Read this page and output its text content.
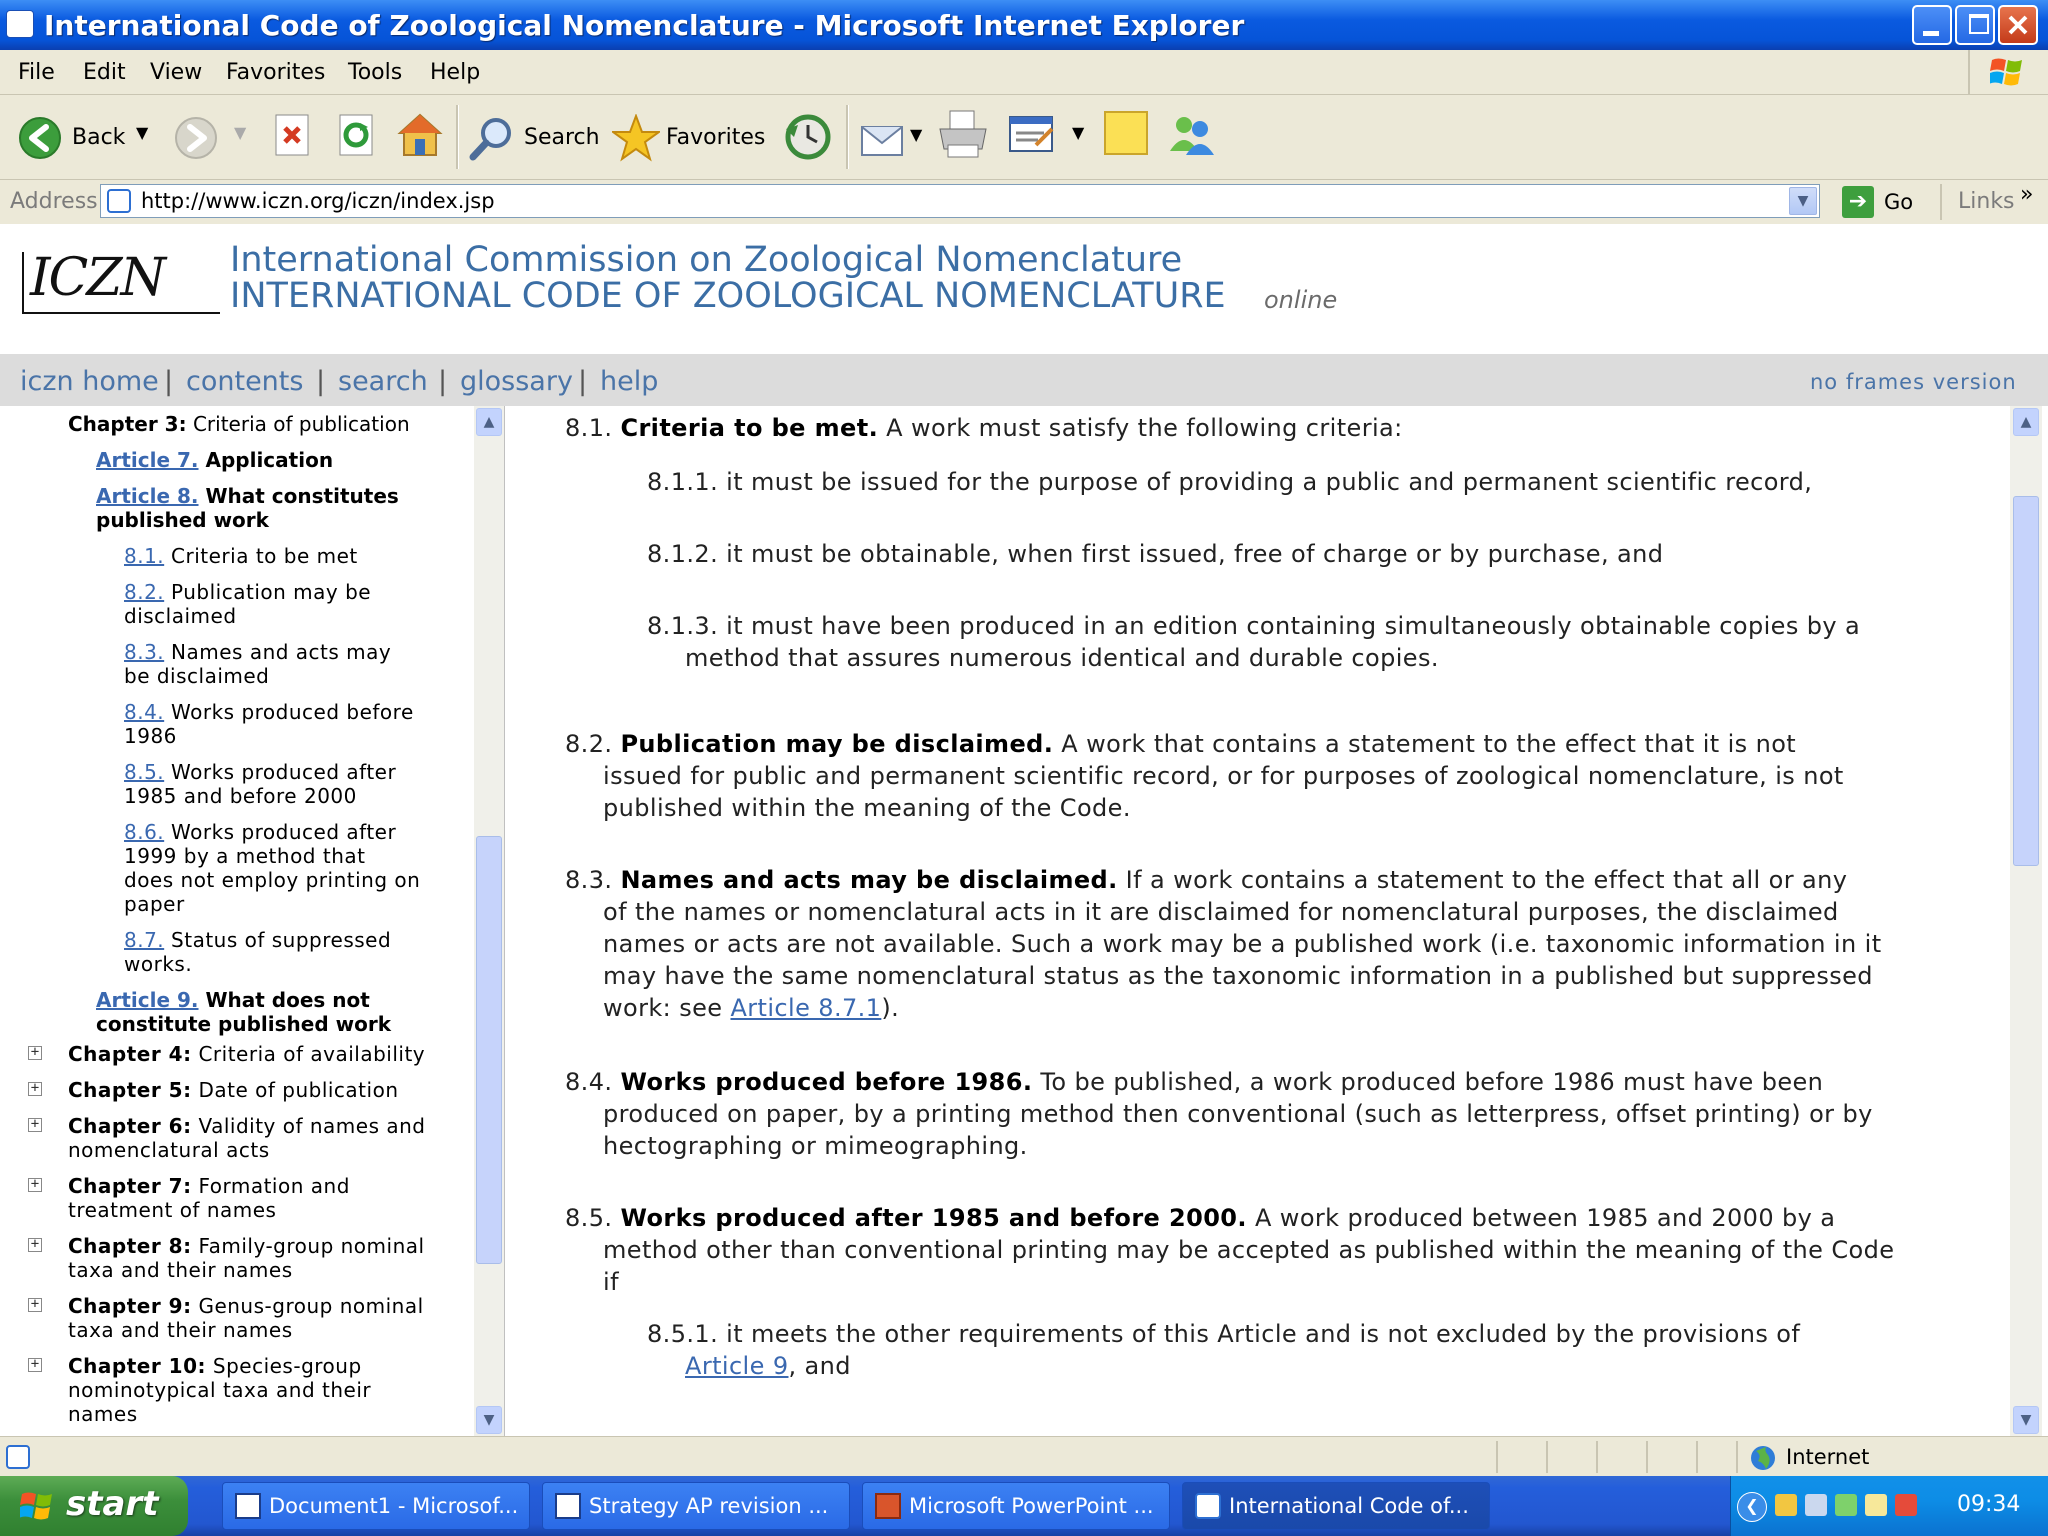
International Code of Zoological Nomenclature - Microsoft Internet Explorer
File Edit View Favorites Tools Help
Back ▼	▼	Search	Favorites	▼	▼
Address http://www.iczn.org/iczn/index.jsp	▼	➔ Go Links »
ICZN International Commission on Zoological Nomenclature
INTERNATIONAL CODE OF ZOOLOGICAL NOMENCLATURE online
iczn home | contents | search | glossary | help	no frames version
Chapter 3: Criteria of publication
Article 7. Application
Article 8. What constitutes
published work
8.1. Criteria to be met
8.2. Publication may be
disclaimed
8.3. Names and acts may
be disclaimed
8.4. Works produced before
1986
8.5. Works produced after
1985 and before 2000
8.6. Works produced after
1999 by a method that
does not employ printing on
paper
8.7. Status of suppressed
works.
Article 9. What does not
constitute published work
+ Chapter 4: Criteria of availability
+ Chapter 5: Date of publication
+ Chapter 6: Validity of names and
nomenclatural acts
+ Chapter 7: Formation and
treatment of names
+ Chapter 8: Family-group nominal
taxa and their names
+ Chapter 9: Genus-group nominal
taxa and their names
+ Chapter 10: Species-group
nominotypical taxa and their
names
▲
▼
8.1. Criteria to be met. A work must satisfy the following criteria:
8.1.1. it must be issued for the purpose of providing a public and permanent scientific record,
8.1.2. it must be obtainable, when first issued, free of charge or by purchase, and
8.1.3. it must have been produced in an edition containing simultaneously obtainable copies by a
method that assures numerous identical and durable copies.
8.2. Publication may be disclaimed. A work that contains a statement to the effect that it is not
issued for public and permanent scientific record, or for purposes of zoological nomenclature, is not
published within the meaning of the Code.
8.3. Names and acts may be disclaimed. If a work contains a statement to the effect that all or any
of the names or nomenclatural acts in it are disclaimed for nomenclatural purposes, the disclaimed
names or acts are not available. Such a work may be a published work (i.e. taxonomic information in it
may have the same nomenclatural status as the taxonomic information in a published but suppressed
work: see Article 8.7.1).
8.4. Works produced before 1986. To be published, a work produced before 1986 must have been
produced on paper, by a printing method then conventional (such as letterpress, offset printing) or by
hectographing or mimeographing.
8.5. Works produced after 1985 and before 2000. A work produced between 1985 and 2000 by a
method other than conventional printing may be accepted as published within the meaning of the Code
if
8.5.1. it meets the other requirements of this Article and is not excluded by the provisions of
Article 9, and
▲
▼
Internet
start	Document1 - Microsof...	Strategy AP revision ...	Microsoft PowerPoint ...	International Code of...	❮	09:34
